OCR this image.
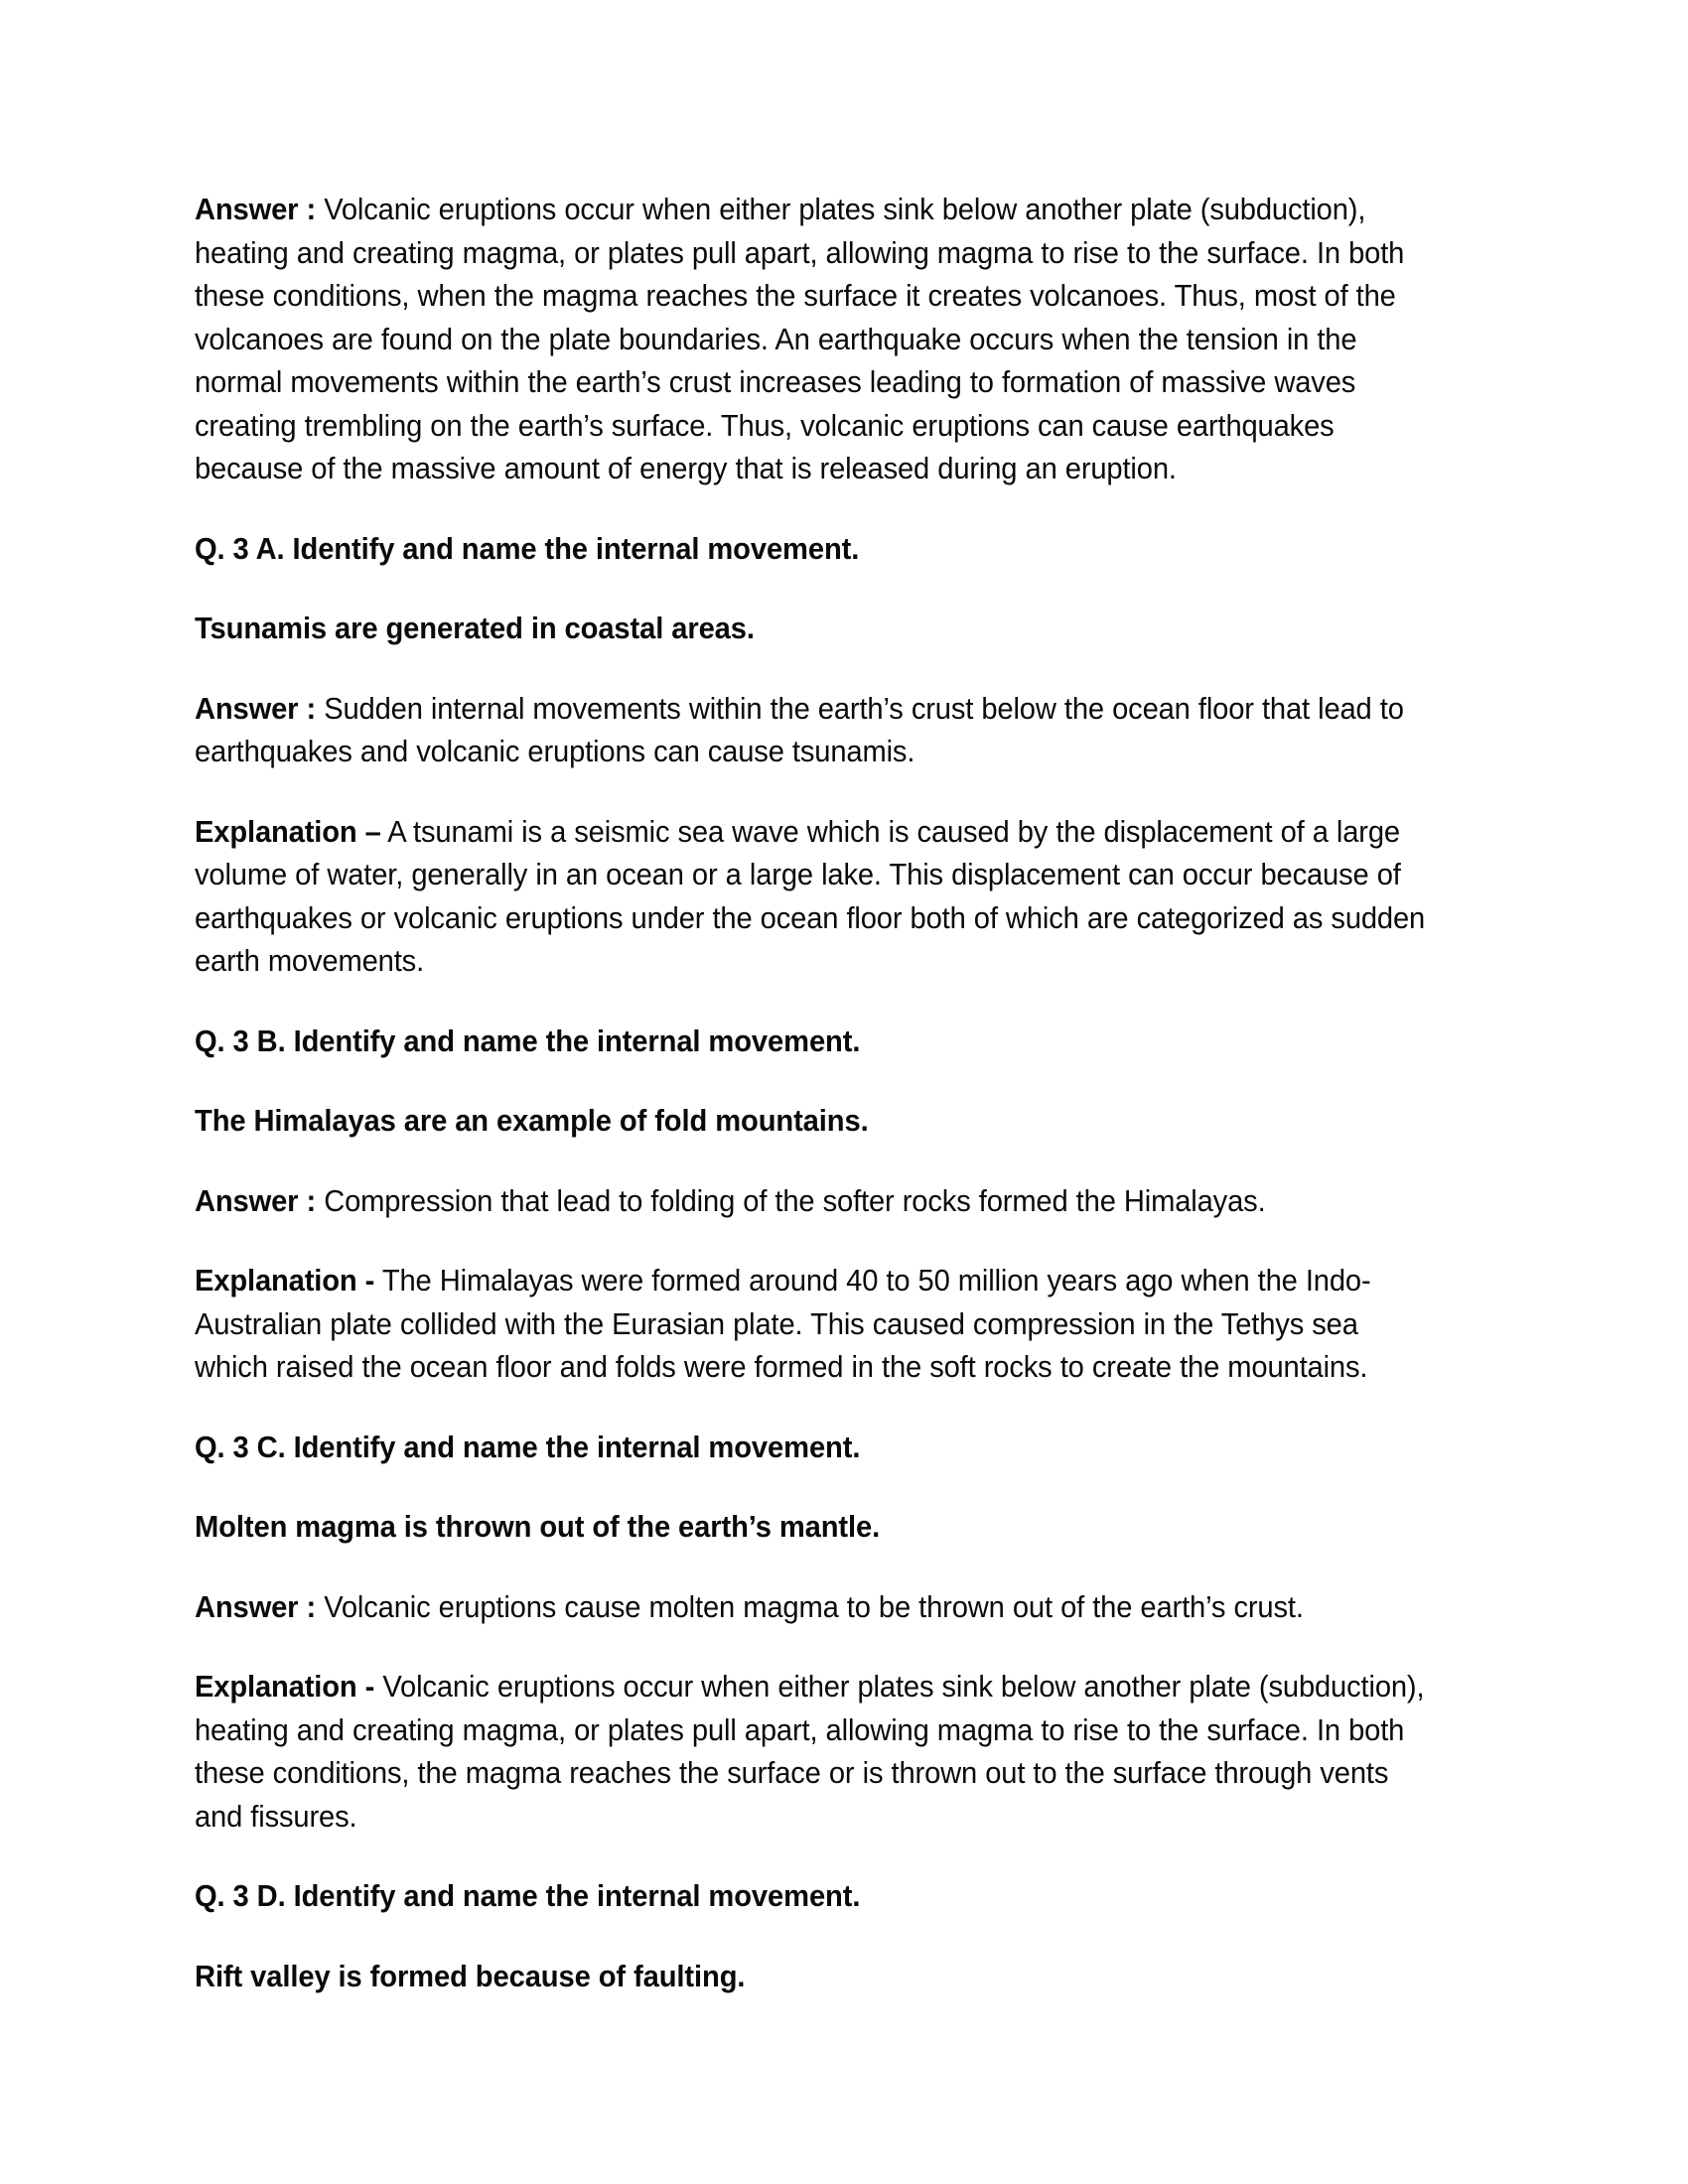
Answer : Volcanic eruptions occur when either plates sink below another plate (subduction), heating and creating magma, or plates pull apart, allowing magma to rise to the surface. In both these conditions, when the magma reaches the surface it creates volcanoes. Thus, most of the volcanoes are found on the plate boundaries. An earthquake occurs when the tension in the normal movements within the earth’s crust increases leading to formation of massive waves creating trembling on the earth’s surface. Thus, volcanic eruptions can cause earthquakes because of the massive amount of energy that is released during an eruption.

Q. 3 A. Identify and name the internal movement.

Tsunamis are generated in coastal areas.

Answer : Sudden internal movements within the earth’s crust below the ocean floor that lead to earthquakes and volcanic eruptions can cause tsunamis.

Explanation – A tsunami is a seismic sea wave which is caused by the displacement of a large volume of water, generally in an ocean or a large lake. This displacement can occur because of earthquakes or volcanic eruptions under the ocean floor both of which are categorized as sudden earth movements.

Q. 3 B. Identify and name the internal movement.

The Himalayas are an example of fold mountains.

Answer : Compression that lead to folding of the softer rocks formed the Himalayas.

Explanation - The Himalayas were formed around 40 to 50 million years ago when the Indo-Australian plate collided with the Eurasian plate. This caused compression in the Tethys sea which raised the ocean floor and folds were formed in the soft rocks to create the mountains.

Q. 3 C. Identify and name the internal movement.

Molten magma is thrown out of the earth’s mantle.

Answer : Volcanic eruptions cause molten magma to be thrown out of the earth’s crust.

Explanation - Volcanic eruptions occur when either plates sink below another plate (subduction), heating and creating magma, or plates pull apart, allowing magma to rise to the surface. In both these conditions, the magma reaches the surface or is thrown out to the surface through vents and fissures.

Q. 3 D. Identify and name the internal movement.

Rift valley is formed because of faulting.
